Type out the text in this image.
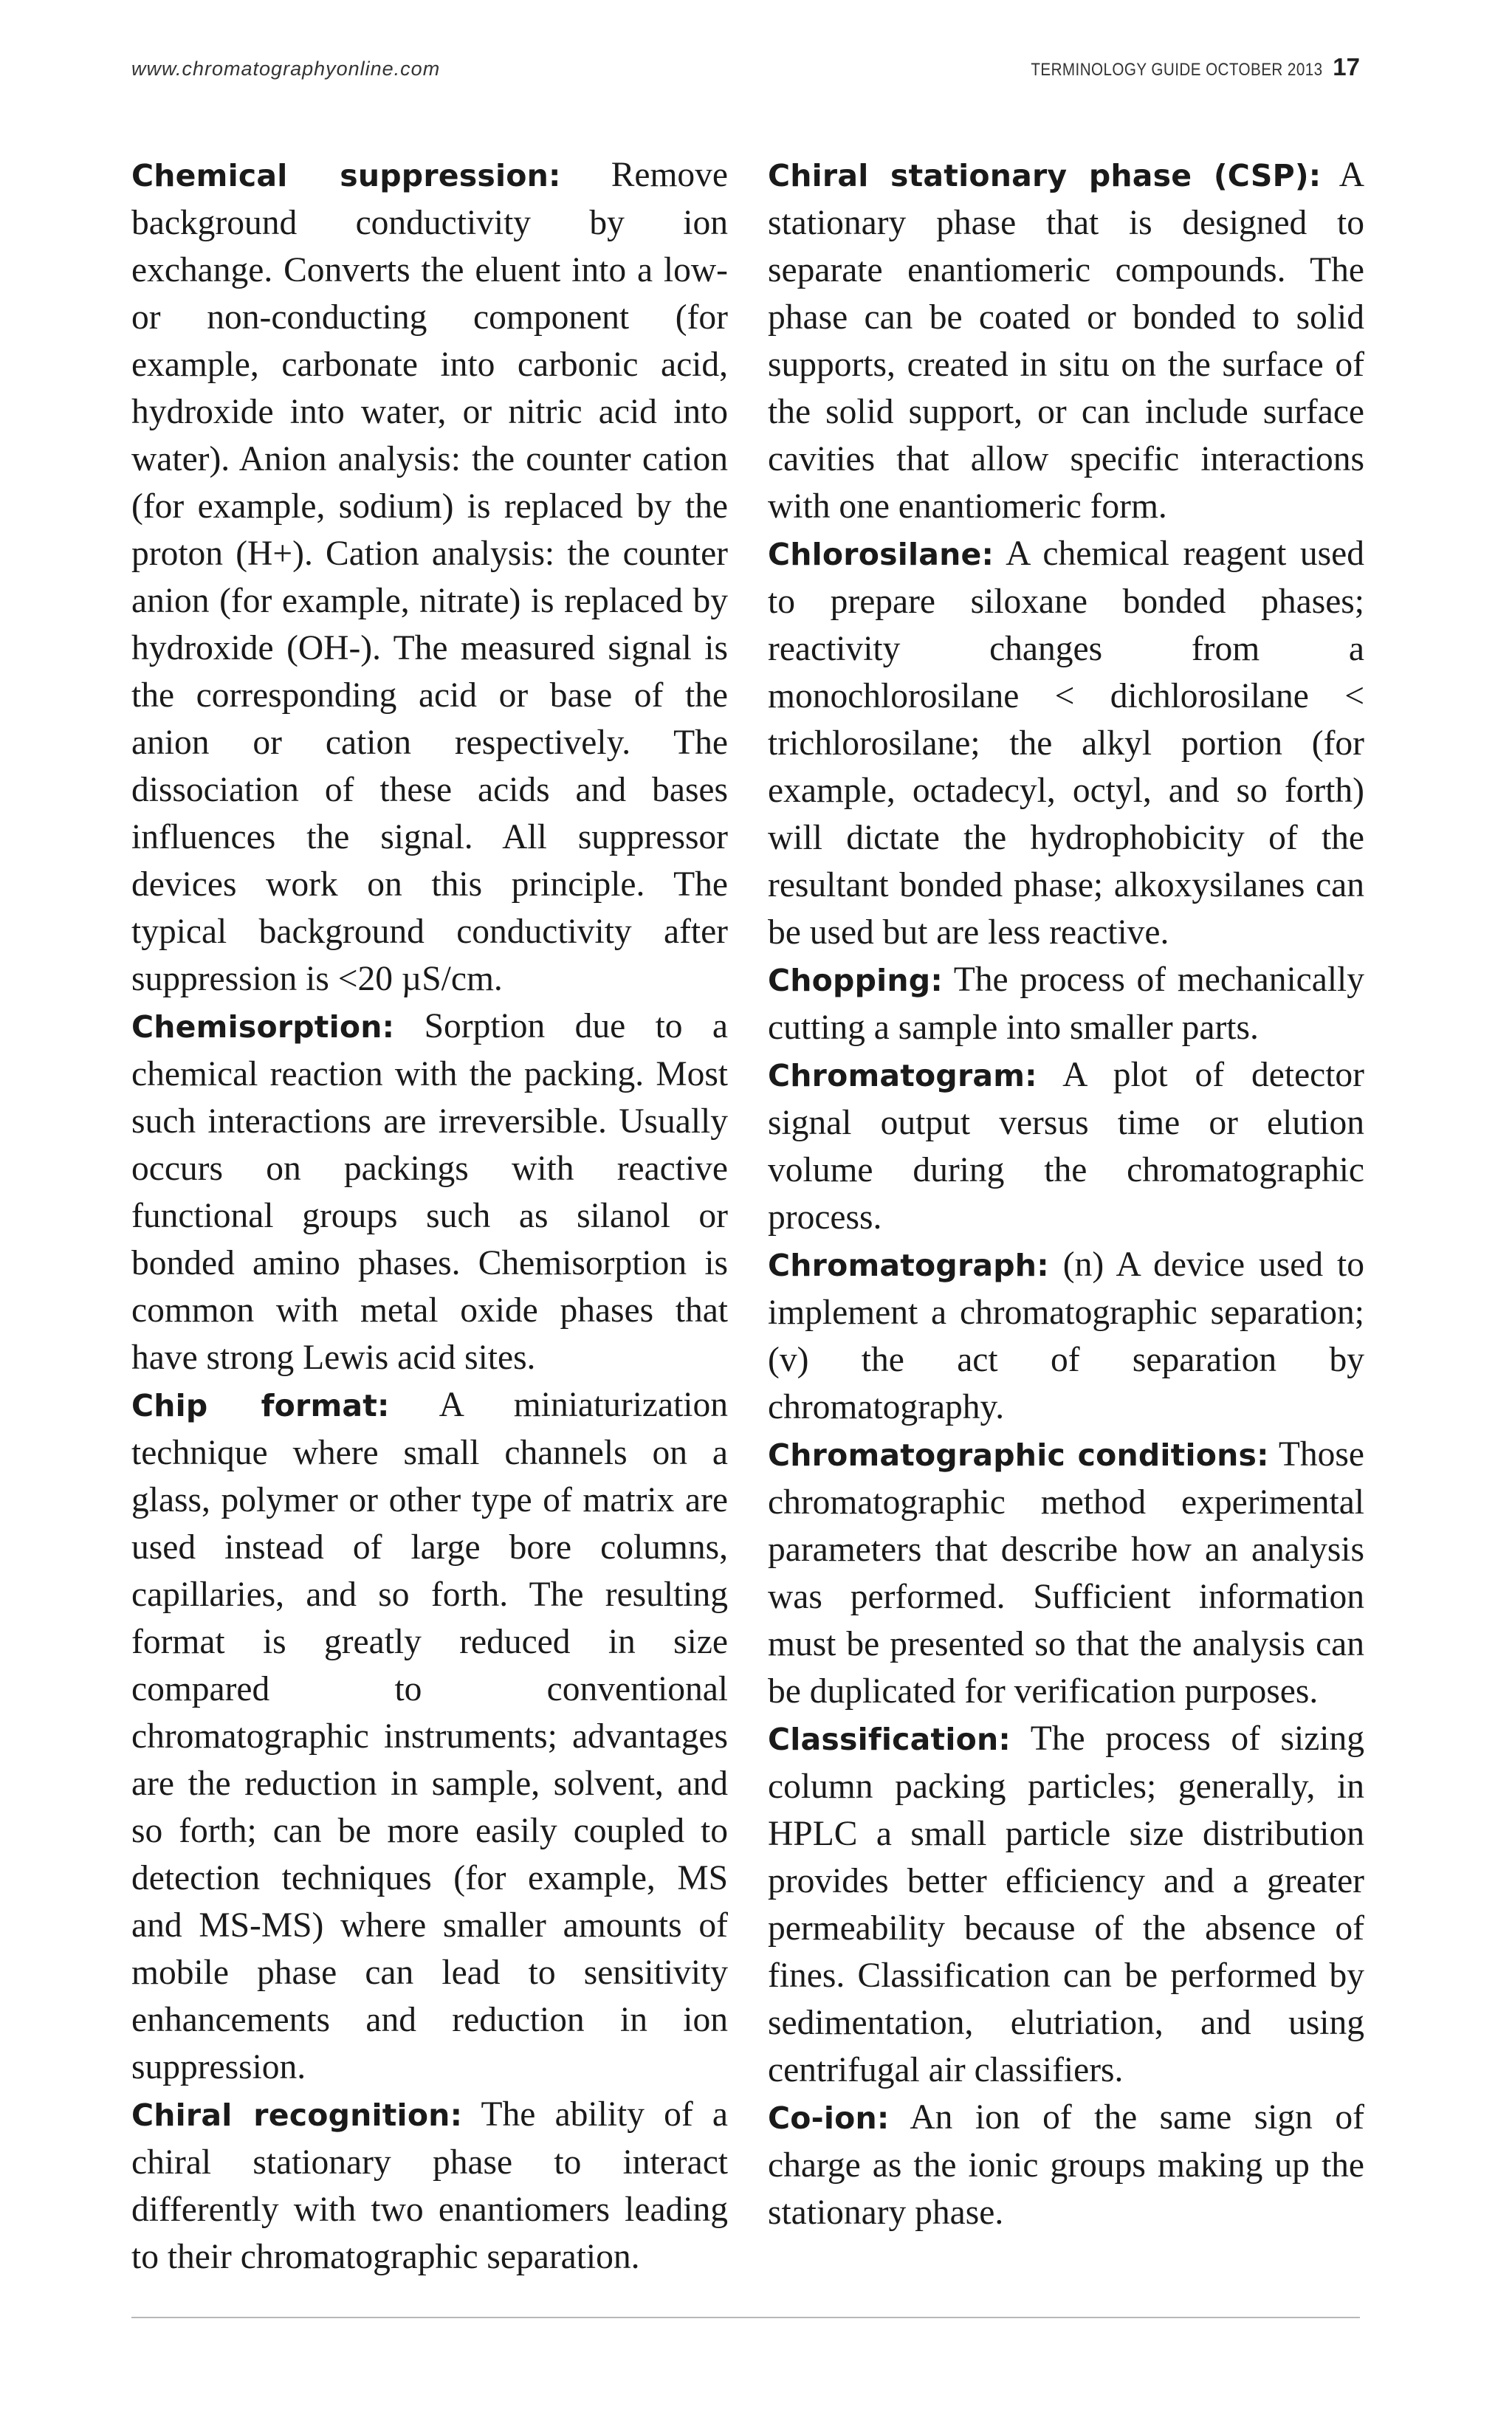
www.chromatographyonline.com	TERMINOLOGY GUIDE OCTOBER 2013 17

Chemical suppression: Remove background conductivity by ion exchange. Converts the eluent into a low- or non-conducting component (for example, carbonate into carbonic acid, hydroxide into water, or nitric acid into water). Anion analysis: the counter cation (for example, sodium) is replaced by the proton (H+). Cation analysis: the counter anion (for example, nitrate) is replaced by hydroxide (OH-). The measured signal is the corresponding acid or base of the anion or cation respectively. The dissociation of these acids and bases influences the signal. All suppressor devices work on this principle. The typical background conductivity after suppression is <20 µS/cm.

Chemisorption: Sorption due to a chemical reaction with the packing. Most such interactions are irreversible. Usually occurs on packings with reactive functional groups such as silanol or bonded amino phases. Chemisorption is common with metal oxide phases that have strong Lewis acid sites.

Chip format: A miniaturization technique where small channels on a glass, polymer or other type of matrix are used instead of large bore columns, capillaries, and so forth. The resulting format is greatly reduced in size compared to conventional chromatographic instruments; advantages are the reduction in sample, solvent, and so forth; can be more easily coupled to detection techniques (for example, MS and MS-MS) where smaller amounts of mobile phase can lead to sensitivity enhancements and reduction in ion suppression.

Chiral recognition: The ability of a chiral stationary phase to interact differently with two enantiomers leading to their chromatographic separation.

Chiral stationary phase (CSP): A stationary phase that is designed to separate enantiomeric compounds. The phase can be coated or bonded to solid supports, created in situ on the surface of the solid support, or can include surface cavities that allow specific interactions with one enantiomeric form.

Chlorosilane: A chemical reagent used to prepare siloxane bonded phases; reactivity changes from a monochlorosilane < dichlorosilane < trichlorosilane; the alkyl portion (for example, octadecyl, octyl, and so forth) will dictate the hydrophobicity of the resultant bonded phase; alkoxysilanes can be used but are less reactive.

Chopping: The process of mechanically cutting a sample into smaller parts.

Chromatogram: A plot of detector signal output versus time or elution volume during the chromatographic process.

Chromatograph: (n) A device used to implement a chromatographic separation; (v) the act of separation by chromatography.

Chromatographic conditions: Those chromatographic method experimental parameters that describe how an analysis was performed. Sufficient information must be presented so that the analysis can be duplicated for verification purposes.

Classification: The process of sizing column packing particles; generally, in HPLC a small particle size distribution provides better efficiency and a greater permeability because of the absence of fines. Classification can be performed by sedimentation, elutriation, and using centrifugal air classifiers.

Co-ion: An ion of the same sign of charge as the ionic groups making up the stationary phase.
